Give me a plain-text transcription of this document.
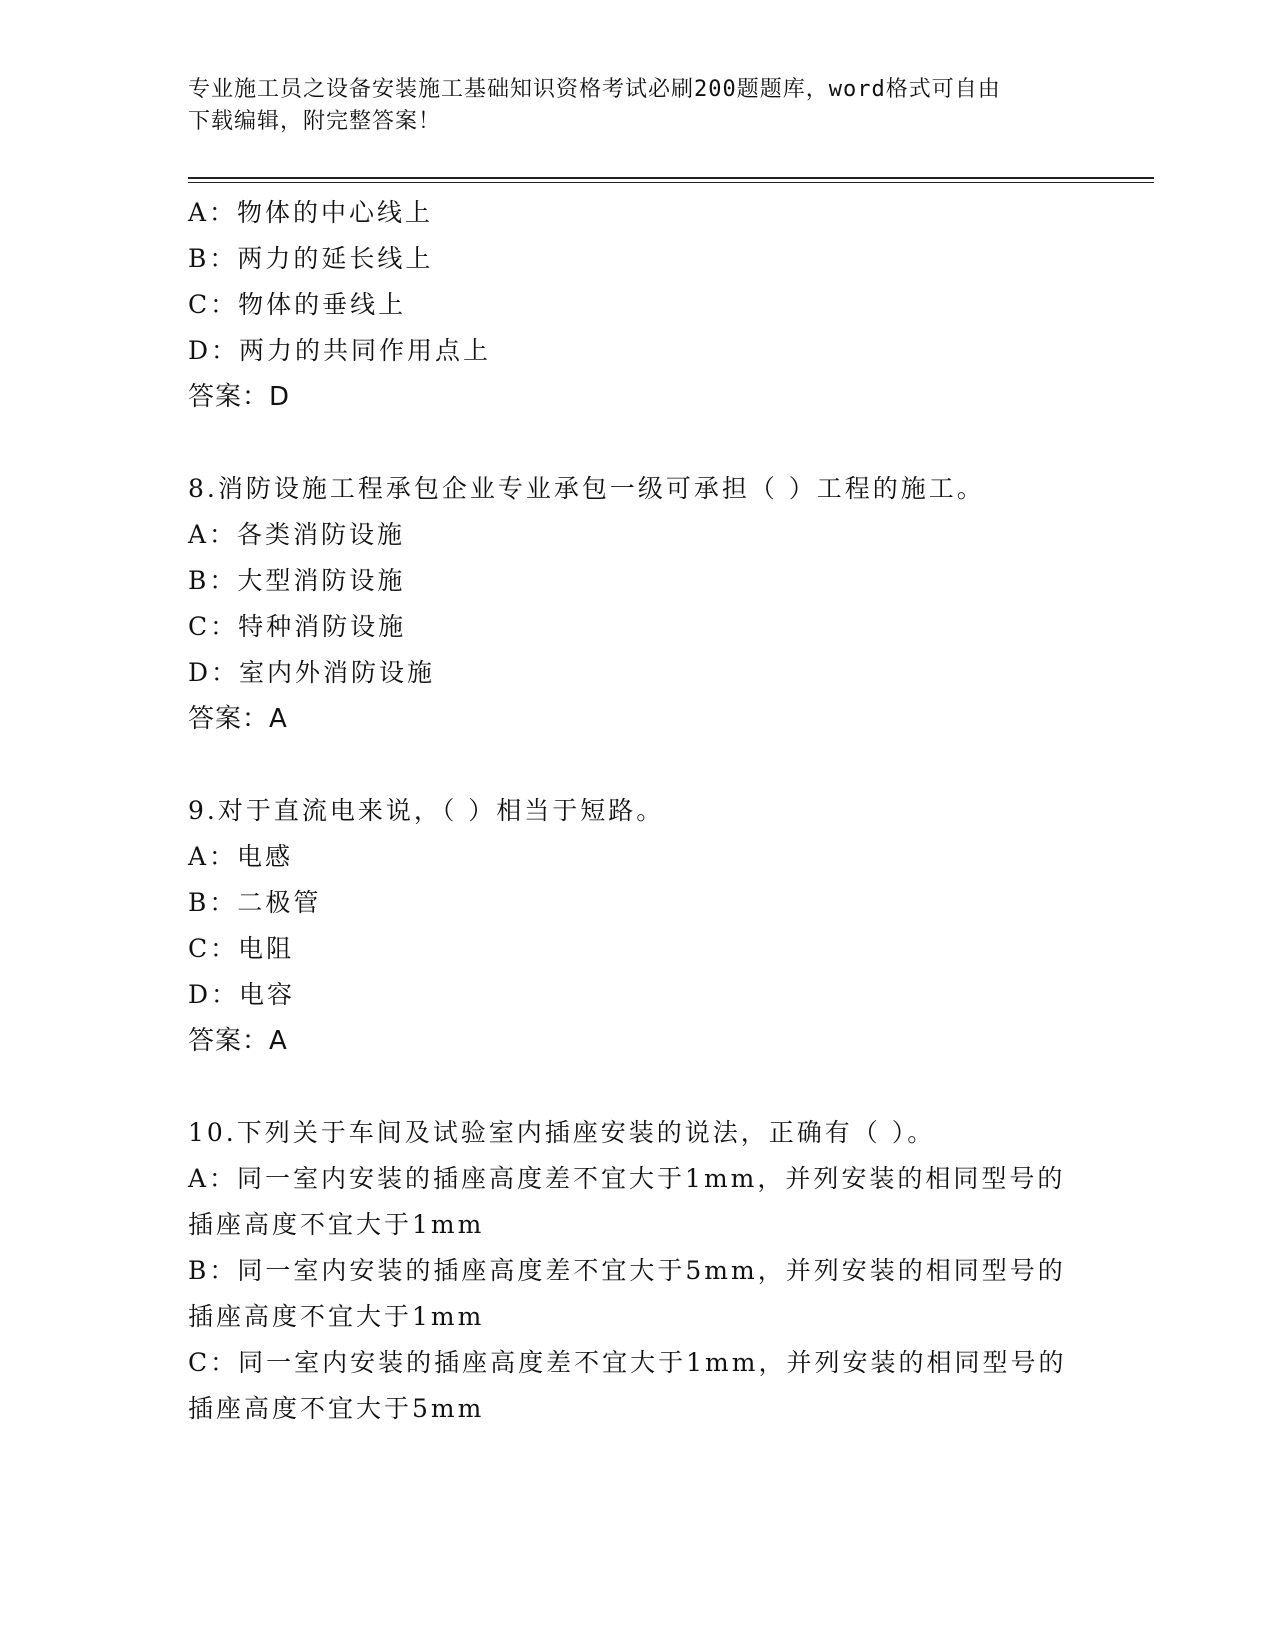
专业施工员之设备安装施工基础知识资格考试必刷200题题库，word格式可自由
下载编辑，附完整答案！
A：物体的中心线上
B：两力的延长线上
C：物体的垂线上
D：两力的共同作用点上
答案：D
8.消防设施工程承包企业专业承包一级可承担（ ）工程的施工。
A：各类消防设施
B：大型消防设施
C：特种消防设施
D：室内外消防设施
答案：A
9.对于直流电来说，（ ）相当于短路。
A：电感
B：二极管
C：电阻
D：电容
答案：A
10.下列关于车间及试验室内插座安装的说法，正确有（ ）。
A：同一室内安装的插座高度差不宜大于1mm，并列安装的相同型号的
插座高度不宜大于1mm
B：同一室内安装的插座高度差不宜大于5mm，并列安装的相同型号的
插座高度不宜大于1mm
C：同一室内安装的插座高度差不宜大于1mm，并列安装的相同型号的
插座高度不宜大于5mm
